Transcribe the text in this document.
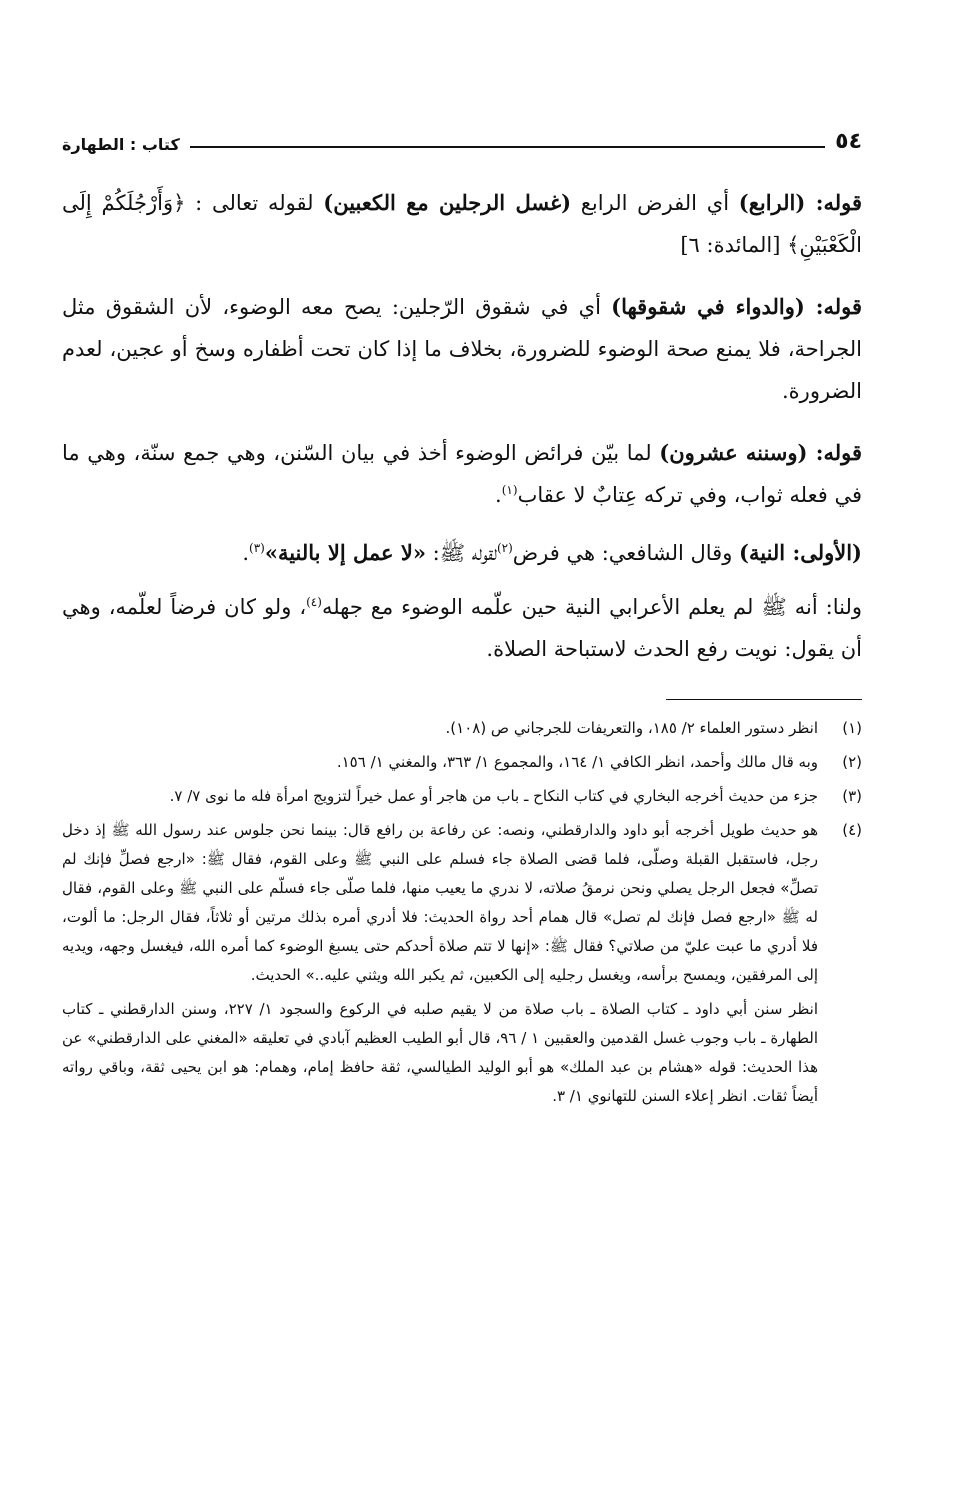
٥٤
كتاب : الطهارة

قوله: (الرابع) أي الفرض الرابع (غسل الرجلين مع الكعبين) لقوله تعالى : ﴿وَأَرْجُلَكُمْ إِلَى الْكَعْبَيْنِ﴾ [المائدة: ٦]

قوله: (والدواء في شقوقها) أي في شقوق الرّجلين: يصح معه الوضوء، لأن الشقوق مثل الجراحة، فلا يمنع صحة الوضوء للضرورة، بخلاف ما إذا كان تحت أظفاره وسخ أو عجين، لعدم الضرورة.

قوله: (وسننه عشرون) لما بيّن فرائض الوضوء أخذ في بيان السّنن، وهي جمع سنّة، وهي ما في فعله ثواب، وفي تركه عِتابٌ لا عقاب$^{(١)}$.

(الأولى: النية) وقال الشافعي: هي فرض$^{(٢)}$لقوله ﷺ: «لا عمل إلا بالنية»$^{(٣)}$.

ولنا: أنه ﷺ لم يعلم الأعرابي النية حين علّمه الوضوء مع جهله$^{(٤)}$، ولو كان فرضاً لعلّمه، وهي أن يقول: نويت رفع الحدث لاستباحة الصلاة.

(١)
انظر دستور العلماء ٢/ ١٨٥، والتعريفات للجرجاني ص (١٠٨).
(٢)
وبه قال مالك وأحمد، انظر الكافي ١/ ١٦٤، والمجموع ١/ ٣٦٣، والمغني ١/ ١٥٦.
(٣)
جزء من حديث أخرجه البخاري في كتاب النكاح ـ باب من هاجر أو عمل خيراً لتزويج امرأة فله ما نوى ٧/ ٧.
(٤)
هو حديث طويل أخرجه أبو داود والدارقطني، ونصه: عن رفاعة بن رافع قال: بينما نحن جلوس عند رسول الله ﷺ إذ دخل رجل، فاستقبل القبلة وصلّى، فلما قضى الصلاة جاء فسلم على النبي ﷺ وعلى القوم، فقال ﷺ: «ارجع فصلِّ فإنك لم تصلِّ» فجعل الرجل يصلي ونحن نرمقُ صلاته، لا ندري ما يعيب منها، فلما صلّى جاء فسلّم على النبي ﷺ وعلى القوم، فقال له ﷺ «ارجع فصل فإنك لم تصل» قال همام أحد رواة الحديث: فلا أدري أمره بذلك مرتين أو ثلاثاً، فقال الرجل: ما ألوت، فلا أدري ما عبت عليّ من صلاتي؟ فقال ﷺ: «إنها لا تتم صلاة أحدكم حتى يسبغ الوضوء كما أمره الله، فيغسل وجهه، ويديه إلى المرفقين، ويمسح برأسه، ويغسل رجليه إلى الكعبين، ثم يكبر الله ويثني عليه..» الحديث.
انظر سنن أبي داود ـ كتاب الصلاة ـ باب صلاة من لا يقيم صلبه في الركوع والسجود ١/ ٢٢٧، وسنن الدارقطني ـ كتاب الطهارة ـ باب وجوب غسل القدمين والعقبين ١ / ٩٦، قال أبو الطيب العظيم آبادي في تعليقه «المغني على الدارقطني» عن هذا الحديث: قوله «هشام بن عبد الملك» هو أبو الوليد الطيالسي، ثقة حافظ إمام، وهمام: هو ابن يحيى ثقة، وباقي رواته أيضاً ثقات. انظر إعلاء السنن للتهانوي ١/ ٣.
